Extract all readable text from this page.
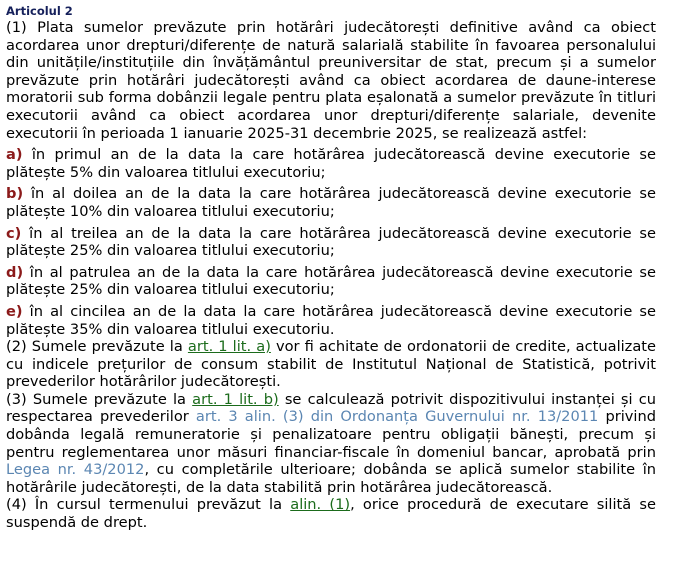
Articolul 2

(1) Plata sumelor prevăzute prin hotărâri judecătorești definitive având ca obiect acordarea unor drepturi/diferențe de natură salarială stabilite în favoarea personalului din unitățile/instituțiile din învățământul preuniversitar de stat, precum și a sumelor prevăzute prin hotărâri judecătorești având ca obiect acordarea de daune-interese moratorii sub forma dobânzii legale pentru plata eșalonată a sumelor prevăzute în titluri executorii având ca obiect acordarea unor drepturi/diferențe salariale, devenite executorii în perioada 1 ianuarie 2025-31 decembrie 2025, se realizează astfel:

a) în primul an de la data la care hotărârea judecătorească devine executorie se plătește 5% din valoarea titlului executoriu;

b) în al doilea an de la data la care hotărârea judecătorească devine executorie se plătește 10% din valoarea titlului executoriu;

c) în al treilea an de la data la care hotărârea judecătorească devine executorie se plătește 25% din valoarea titlului executoriu;

d) în al patrulea an de la data la care hotărârea judecătorească devine executorie se plătește 25% din valoarea titlului executoriu;

e) în al cincilea an de la data la care hotărârea judecătorească devine executorie se plătește 35% din valoarea titlului executoriu.

(2) Sumele prevăzute la art. 1 lit. a) vor fi achitate de ordonatorii de credite, actualizate cu indicele prețurilor de consum stabilit de Institutul Național de Statistică, potrivit prevederilor hotărârilor judecătorești.

(3) Sumele prevăzute la art. 1 lit. b) se calculează potrivit dispozitivului instanței și cu respectarea prevederilor art. 3 alin. (3) din Ordonanța Guvernului nr. 13/2011 privind dobânda legală remuneratorie și penalizatoare pentru obligații bănești, precum și pentru reglementarea unor măsuri financiar-fiscale în domeniul bancar, aprobată prin Legea nr. 43/2012, cu completările ulterioare; dobânda se aplică sumelor stabilite în hotărârile judecătorești, de la data stabilită prin hotărârea judecătorească.

(4) În cursul termenului prevăzut la alin. (1), orice procedură de executare silită se suspendă de drept.
